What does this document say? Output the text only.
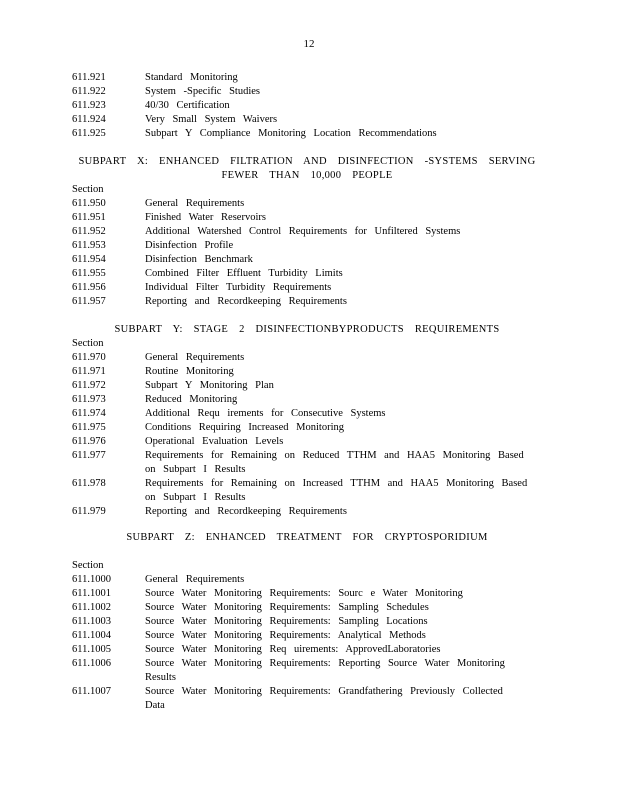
12
611.921	Standard Monitoring
611.922	System -Specific Studies
611.923	40/30 Certification
611.924	Very Small System Waivers
611.925	Subpart Y Compliance Monitoring Location Recommendations
SUBPART X: ENHANCED FILTRATION AND DISINFECTION -SYSTEMS SERVING
FEWER THAN 10,000 PEOPLE
Section
611.950	General Requirements
611.951	Finished Water Reservoirs
611.952	Additional Watershed Control Requirements for Unfiltered Systems
611.953	Disinfection Profile
611.954	Disinfection Benchmark
611.955	Combined Filter Effluent Turbidity Limits
611.956	Individual Filter Turbidity Requirements
611.957	Reporting and Recordkeeping Requirements
SUBPART Y: STAGE 2 DISINFECTIONBYPRODUCTS REQUIREMENTS
Section
611.970	General Requirements
611.971	Routine Monitoring
611.972	Subpart Y Monitoring Plan
611.973	Reduced Monitoring
611.974	Additional Requ irements for Consecutive Systems
611.975	Conditions Requiring Increased Monitoring
611.976	Operational Evaluation Levels
611.977	Requirements for Remaining on Reduced TTHM and HAA5 Monitoring Based
on Subpart I Results
611.978	Requirements for Remaining on Increased TTHM and HAA5 Monitoring Based
on Subpart I Results
611.979	Reporting and Recordkeeping Requirements
SUBPART Z: ENHANCED TREATMENT FOR CRYPTOSPORIDIUM
Section
611.1000	General Requirements
611.1001	Source Water Monitoring Requirements: Sourc e Water Monitoring
611.1002	Source Water Monitoring Requirements: Sampling Schedules
611.1003	Source Water Monitoring Requirements: Sampling Locations
611.1004	Source Water Monitoring Requirements: Analytical Methods
611.1005	Source Water Monitoring Req uirements: ApprovedLaboratories
611.1006	Source Water Monitoring Requirements: Reporting Source Water Monitoring
Results
611.1007	Source Water Monitoring Requirements: Grandfathering Previously Collected
Data
